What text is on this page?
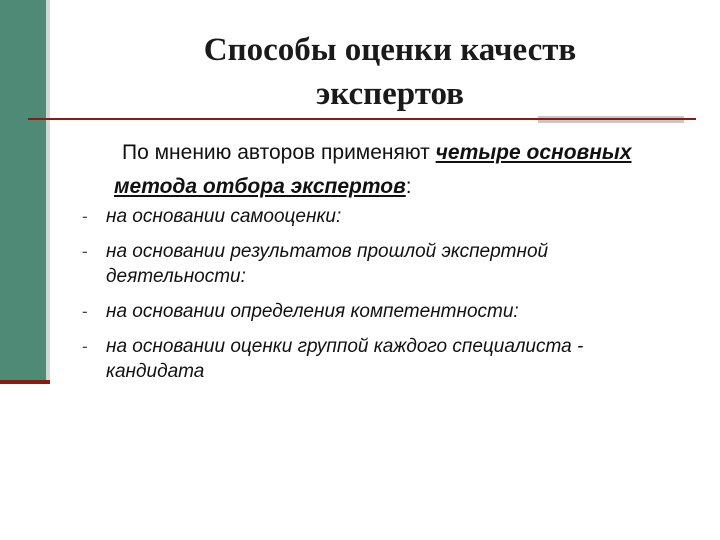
Способы оценки качеств
экспертов
По мнению авторов применяют четыре основных метода отбора экспертов:
- на основании самооценки:
- на основании результатов прошлой экспертной деятельности:
- на основании определения компетентности:
- на основании оценки группой каждого специалиста - кандидата
